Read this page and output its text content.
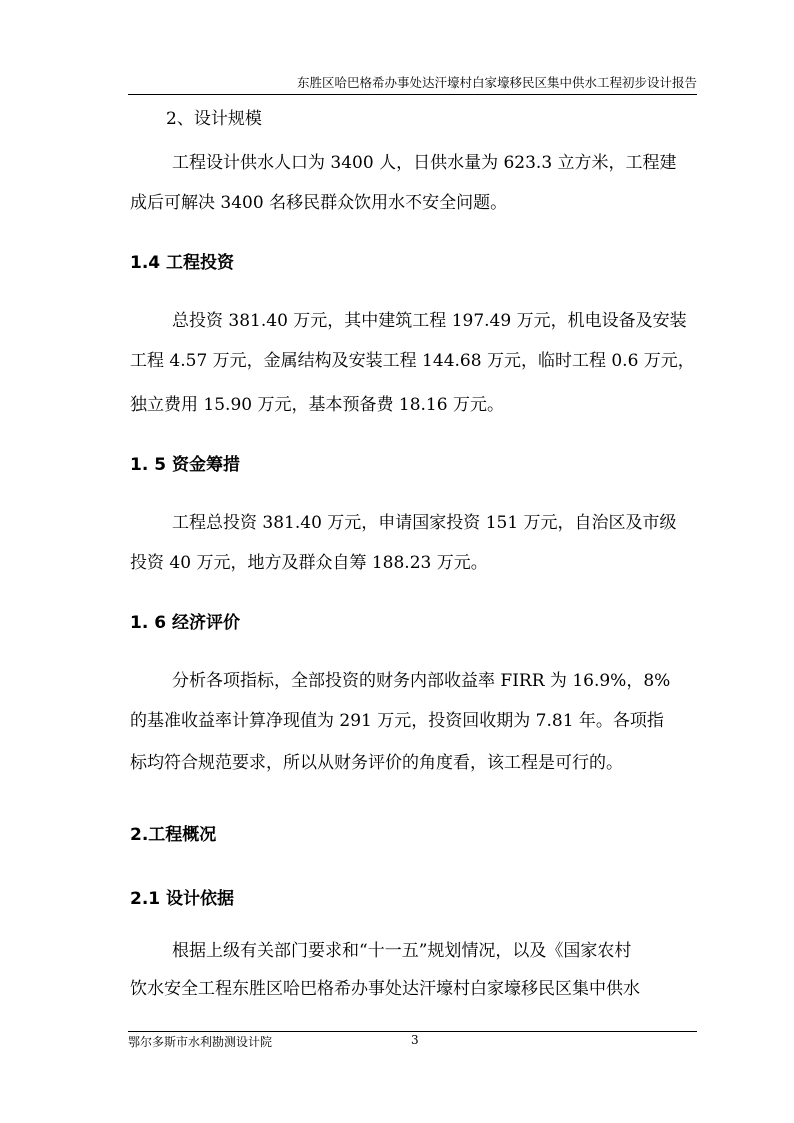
东胜区哈巴格希办事处达汗壕村白家壕移民区集中供水工程初步设计报告
2、设计规模
工程设计供水人口为 3400 人，日供水量为 623.3 立方米，工程建
成后可解决 3400 名移民群众饮用水不安全问题。
1.4 工程投资
总投资 381.40 万元，其中建筑工程 197.49 万元，机电设备及安装
工程 4.57 万元，金属结构及安装工程 144.68 万元，临时工程 0.6 万元，
独立费用 15.90 万元，基本预备费 18.16 万元。
1. 5 资金筹措
工程总投资 381.40 万元，申请国家投资 151 万元，自治区及市级
投资 40 万元，地方及群众自筹 188.23 万元。
1. 6 经济评价
分析各项指标，全部投资的财务内部收益率 FIRR 为 16.9%，8%
的基准收益率计算净现值为 291 万元，投资回收期为 7.81 年。各项指
标均符合规范要求，所以从财务评价的角度看，该工程是可行的。
2.工程概况
2.1 设计依据
根据上级有关部门要求和“十一五”规划情况，以及《国家农村
饮水安全工程东胜区哈巴格希办事处达汗壕村白家壕移民区集中供水
鄂尔多斯市水利勘测设计院	3
